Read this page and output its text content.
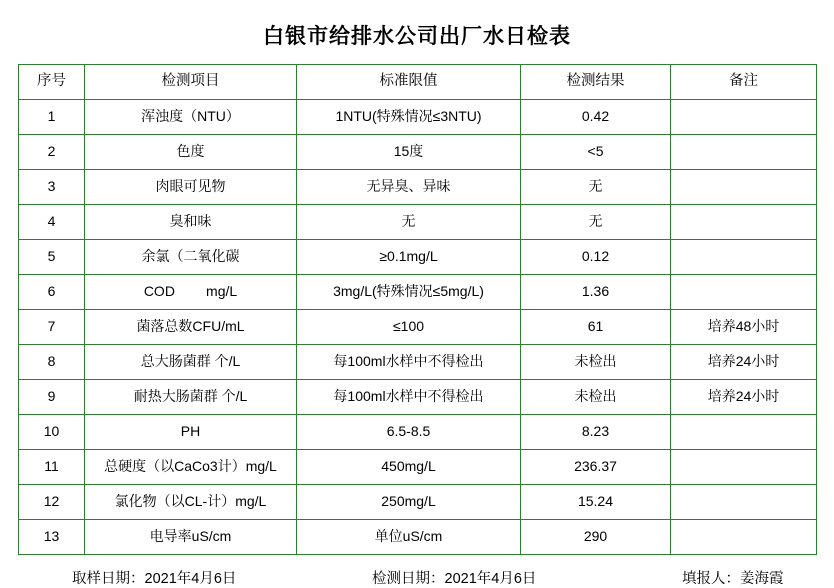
白银市给排水公司出厂水日检表
序号	检测项目	标准限值	检测结果	备注
1	浑浊度（NTU）	1NTU(特殊情况≤3NTU)	0.42	
2	色度	15度	<5	
3	肉眼可见物	无异臭、异味	无	
4	臭和味	无	无	
5	余氯（二氧化碳	≥0.1mg/L	0.12	
6	COD        mg/L	3mg/L(特殊情况≤5mg/L)	1.36	
7	菌落总数CFU/mL	≤100	61	培养48小时
8	总大肠菌群 个/L	每100ml水样中不得检出	未检出	培养24小时
9	耐热大肠菌群 个/L	每100ml水样中不得检出	未检出	培养24小时
10	PH	6.5-8.5	8.23	
11	总硬度（以CaCo3计）mg/L	450mg/L	236.37	
12	氯化物（以CL-计）mg/L	250mg/L	15.24	
13	电导率uS/cm	单位uS/cm	290	
取样日期：2021年4月6日	检测日期：2021年4月6日	填报人：姜海霞
